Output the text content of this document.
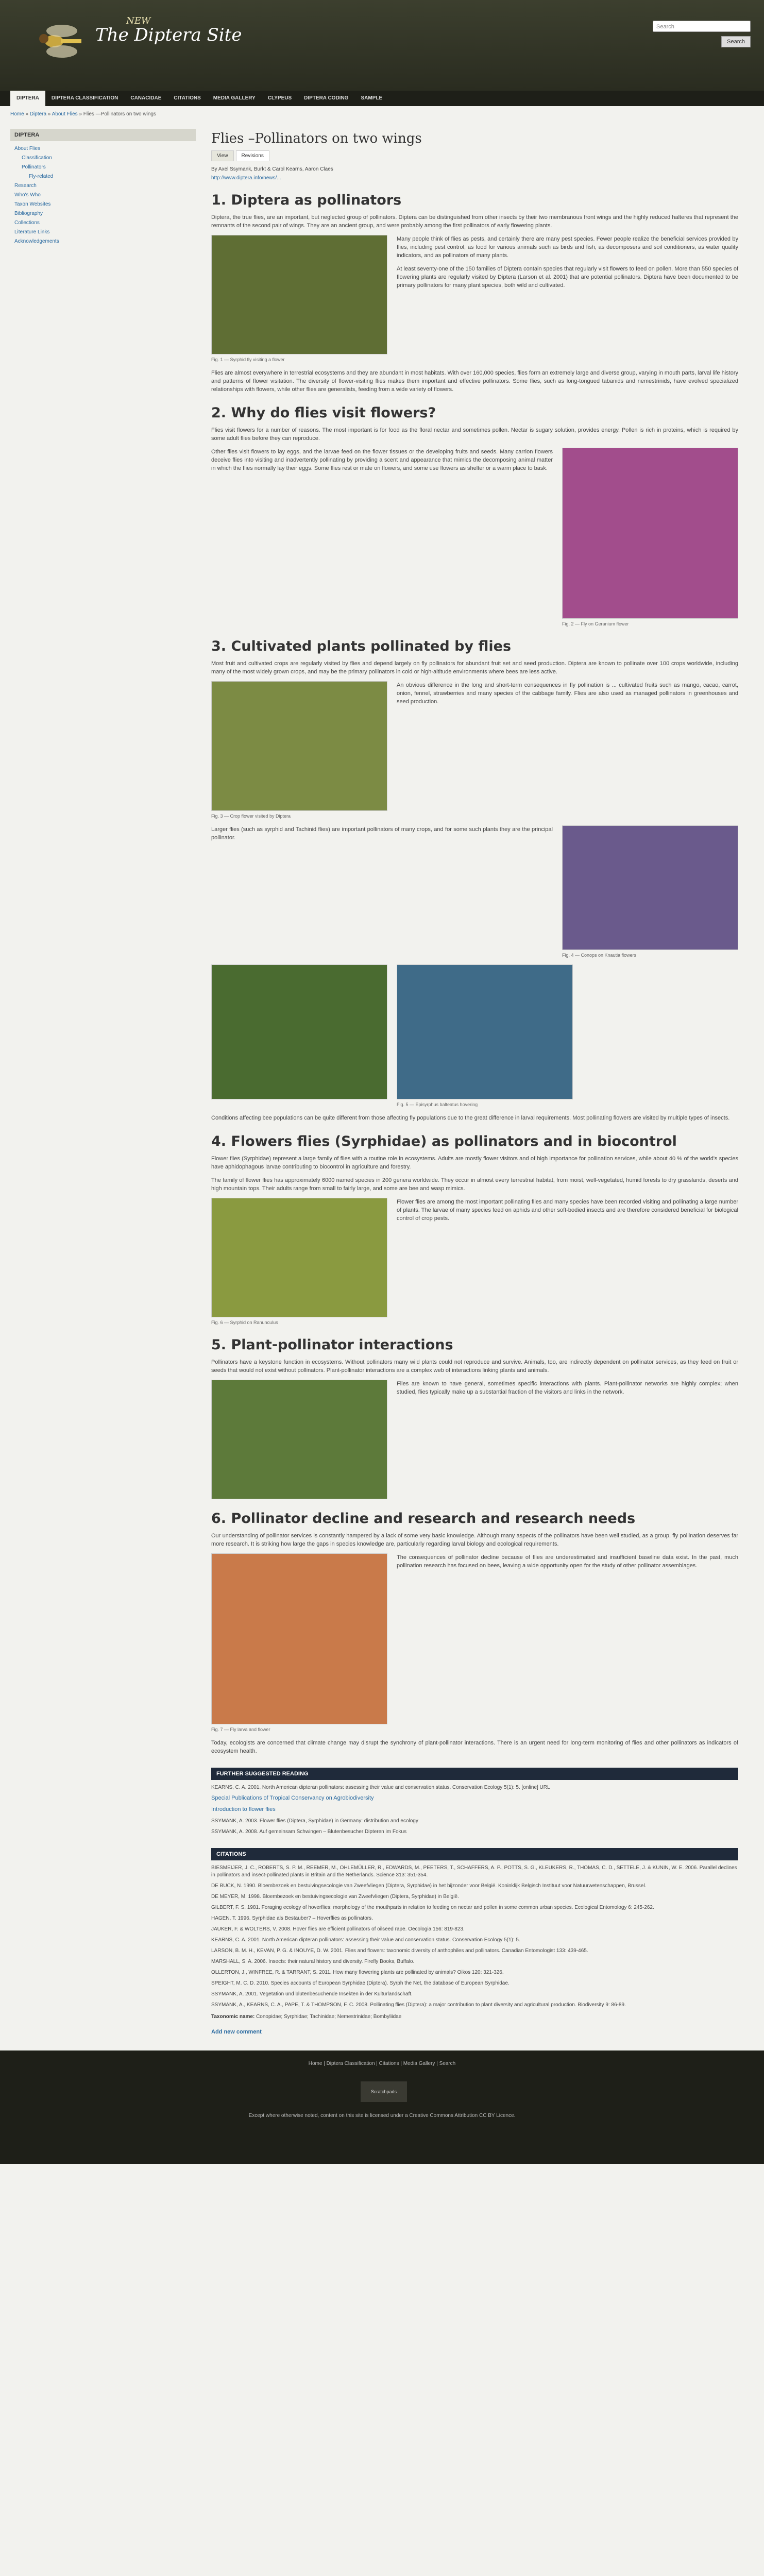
NEW
The Diptera Site	Search
Search
DIPTERA	DIPTERA CLASSIFICATION	CANACIDAE	CITATIONS	MEDIA GALLERY	CLYPEUS	DIPTERA CODING	SAMPLE
Home » Diptera » About Flies » Flies —Pollinators on two wings
DIPTERA
About Flies
Classification
Pollinators
Fly-related
Research
Who's Who
Taxon Websites
Bibliography
Collections
Literature Links
Acknowledgements
Flies –Pollinators on two wings
View	Revisions
By Axel Ssymank, Burkt & Carol Kearns, Aaron Claes
http://www.diptera.info/news/...
1. Diptera as pollinators

Diptera, the true flies, are an important, but neglected group of pollinators. Diptera can be distinguished from other insects by their two membranous front wings and the highly reduced halteres that represent the remnants of the second pair of wings. They are an ancient group, and were probably among the first pollinators of early flowering plants.

Fig. 1 — Syrphid fly visiting a flower

Many people think of flies as pests, and certainly there are many pest species. Fewer people realize the beneficial services provided by flies, including pest control, as food for various animals such as birds and fish, as decomposers and soil conditioners, as water quality indicators, and as pollinators of many plants.

At least seventy-one of the 150 families of Diptera contain species that regularly visit flowers to feed on pollen. More than 550 species of flowering plants are regularly visited by Diptera (Larson et al. 2001) that are potential pollinators. Diptera have been documented to be primary pollinators for many plant species, both wild and cultivated.

Flies are almost everywhere in terrestrial ecosystems and they are abundant in most habitats. With over 160,000 species, flies form an extremely large and diverse group, varying in mouth parts, larval life history and patterns of flower visitation. The diversity of flower-visiting flies makes them important and effective pollinators. Some flies, such as long-tongued tabanids and nemestrinids, have evolved specialized relationships with flowers, while other flies are generalists, feeding from a wide variety of flowers.

2. Why do flies visit flowers?

Flies visit flowers for a number of reasons. The most important is for food as the floral nectar and sometimes pollen. Nectar is sugary solution, provides energy. Pollen is rich in proteins, which is required by some adult flies before they can reproduce.

Other flies visit flowers to lay eggs, and the larvae feed on the flower tissues or the developing fruits and seeds. Many carrion flowers deceive flies into visiting and inadvertently pollinating by providing a scent and appearance that mimics the decomposing animal matter in which the flies normally lay their eggs. Some flies rest or mate on flowers, and some use flowers as shelter or a warm place to bask.

Fig. 2 — Fly on Geranium flower
3. Cultivated plants pollinated by flies

Most fruit and cultivated crops are regularly visited by flies and depend largely on fly pollinators for abundant fruit set and seed production. Diptera are known to pollinate over 100 crops worldwide, including many of the most widely grown crops, and may be the primary pollinators in cold or high-altitude environments where bees are less active.

Fig. 3 — Crop flower visited by Diptera

An obvious difference in the long and short-term consequences in fly pollination is ... cultivated fruits such as mango, cacao, carrot, onion, fennel, strawberries and many species of the cabbage family. Flies are also used as managed pollinators in greenhouses and seed production.

Larger flies (such as syrphid and Tachinid flies) are important pollinators of many crops, and for some such plants they are the principal pollinator.

Fig. 4 — Conops on Knautia flowers
Fig. 5 — Episyrphus balteatus hovering

Conditions affecting bee populations can be quite different from those affecting fly populations due to the great difference in larval requirements. Most pollinating flowers are visited by multiple types of insects.

4. Flowers flies (Syrphidae) as pollinators and in biocontrol

Flower flies (Syrphidae) represent a large family of flies with a routine role in ecosystems. Adults are mostly flower visitors and of high importance for pollination services, while about 40 % of the world's species have aphidophagous larvae contributing to biocontrol in agriculture and forestry.

The family of flower flies has approximately 6000 named species in 200 genera worldwide. They occur in almost every terrestrial habitat, from moist, well-vegetated, humid forests to dry grasslands, deserts and high mountain tops. Their adults range from small to fairly large, and some are bee and wasp mimics.

Fig. 6 — Syrphid on Ranunculus

Flower flies are among the most important pollinating flies and many species have been recorded visiting and pollinating a large number of plants. The larvae of many species feed on aphids and other soft-bodied insects and are therefore considered beneficial for biological control of crop pests.

5. Plant-pollinator interactions

Pollinators have a keystone function in ecosystems. Without pollinators many wild plants could not reproduce and survive. Animals, too, are indirectly dependent on pollinator services, as they feed on fruit or seeds that would not exist without pollinators. Plant-pollinator interactions are a complex web of interactions linking plants and animals.

Flies are known to have general, sometimes specific interactions with plants. Plant-pollinator networks are highly complex; when studied, flies typically make up a substantial fraction of the visitors and links in the network.

6. Pollinator decline and research and research needs

Our understanding of pollinator services is constantly hampered by a lack of some very basic knowledge. Although many aspects of the pollinators have been well studied, as a group, fly pollination deserves far more research. It is striking how large the gaps in species knowledge are, particularly regarding larval biology and ecological requirements.

Fig. 7 — Fly larva and flower

The consequences of pollinator decline because of flies are underestimated and insufficient baseline data exist. In the past, much pollination research has focused on bees, leaving a wide opportunity open for the study of other pollinator assemblages.

Today, ecologists are concerned that climate change may disrupt the synchrony of plant-pollinator interactions. There is an urgent need for long-term monitoring of flies and other pollinators as indicators of ecosystem health.

FURTHER SUGGESTED READING
KEARNS, C. A. 2001. North American dipteran pollinators: assessing their value and conservation status. Conservation Ecology 5(1): 5. [online] URL
Special Publications of Tropical Conservancy on Agrobiodiversity
Introduction to flower flies
SSYMANK, A. 2003. Flower flies (Diptera, Syrphidae) in Germany: distribution and ecology
SSYMANK, A. 2008. Auf gemeinsam Schwingen – Blutenbesucher Dipteren im Fokus
CITATIONS
BIESMEIJER, J. C., ROBERTS, S. P. M., REEMER, M., OHLEMÜLLER, R., EDWARDS, M., PEETERS, T., SCHAFFERS, A. P., POTTS, S. G., KLEUKERS, R., THOMAS, C. D., SETTELE, J. & KUNIN, W. E. 2006. Parallel declines in pollinators and insect-pollinated plants in Britain and the Netherlands. Science 313: 351-354.
DE BUCK, N. 1990. Bloembezoek en bestuivingsecologie van Zweefvliegen (Diptera, Syrphidae) in het bijzonder voor België. Koninklijk Belgisch Instituut voor Natuurwetenschappen, Brussel.
DE MEYER, M. 1998. Bloembezoek en bestuivingsecologie van Zweefvliegen (Diptera, Syrphidae) in België.
GILBERT, F. S. 1981. Foraging ecology of hoverflies: morphology of the mouthparts in relation to feeding on nectar and pollen in some common urban species. Ecological Entomology 6: 245-262.
HAGEN, T. 1996. Syrphidae als Bestäuber? – Hoverflies as pollinators.
JAUKER, F. & WOLTERS, V. 2008. Hover flies are efficient pollinators of oilseed rape. Oecologia 156: 819-823.
KEARNS, C. A. 2001. North American dipteran pollinators: assessing their value and conservation status. Conservation Ecology 5(1): 5.
LARSON, B. M. H., KEVAN, P. G. & INOUYE, D. W. 2001. Flies and flowers: taxonomic diversity of anthophiles and pollinators. Canadian Entomologist 133: 439-465.
MARSHALL, S. A. 2006. Insects: their natural history and diversity. Firefly Books, Buffalo.
OLLERTON, J., WINFREE, R. & TARRANT, S. 2011. How many flowering plants are pollinated by animals? Oikos 120: 321-326.
SPEIGHT, M. C. D. 2010. Species accounts of European Syrphidae (Diptera). Syrph the Net, the database of European Syrphidae.
SSYMANK, A. 2001. Vegetation und blütenbesuchende Insekten in der Kulturlandschaft.
SSYMANK, A., KEARNS, C. A., PAPE, T. & THOMPSON, F. C. 2008. Pollinating flies (Diptera): a major contribution to plant diversity and agricultural production. Biodiversity 9: 86-89.
Taxonomic name: Conopidae; Syrphidae; Tachinidae; Nemestrinidae; Bombyliidae
Add new comment
Home | Diptera Classification | Citations | Media Gallery | Search
Scratchpads
Except where otherwise noted, content on this site is licensed under a Creative Commons Attribution CC BY Licence.
